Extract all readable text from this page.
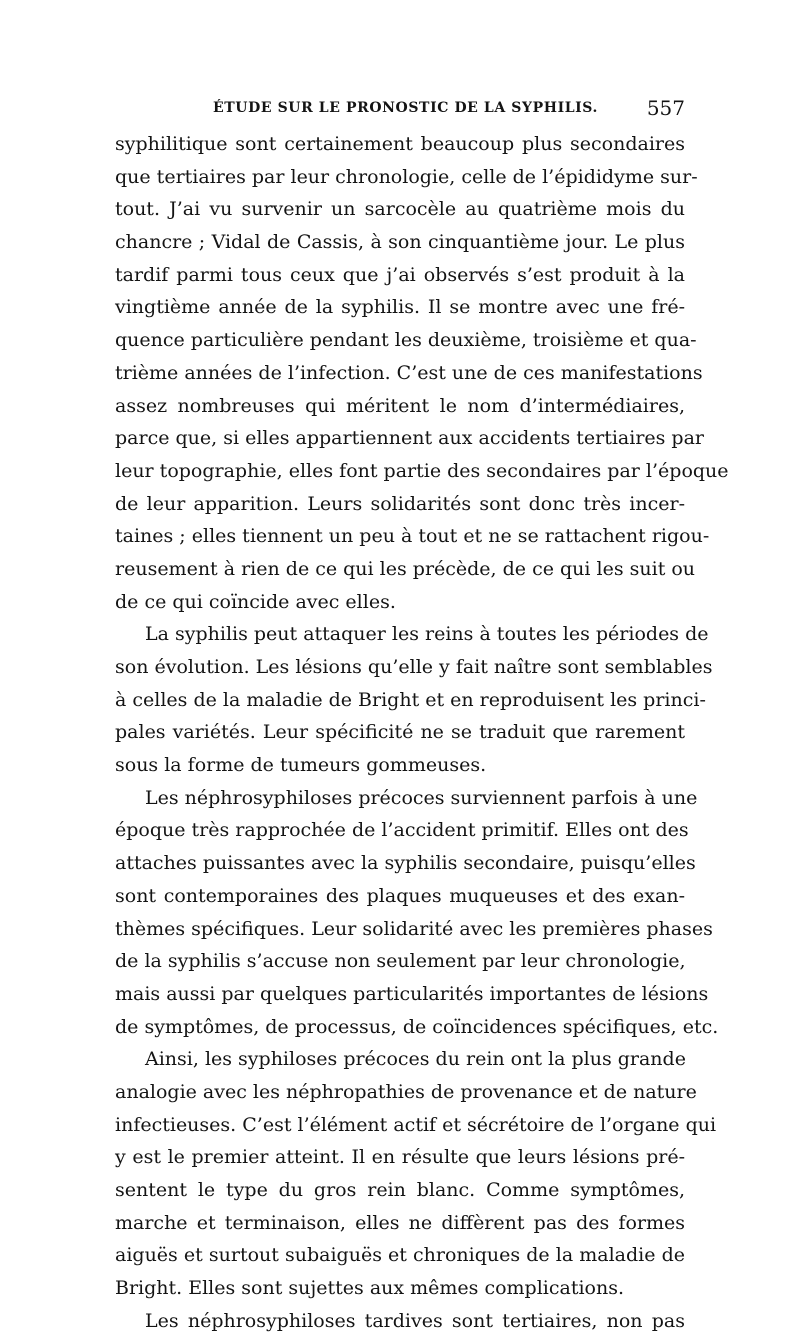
ÉTUDE SUR LE PRONOSTIC DE LA SYPHILIS. 557
syphilitique sont certainement beaucoup plus secondaires
que tertiaires par leur chronologie, celle de l’épididyme sur-
tout. J’ai vu survenir un sarcocèle au quatrième mois du
chancre ; Vidal de Cassis, à son cinquantième jour. Le plus
tardif parmi tous ceux que j’ai observés s’est produit à la
vingtième année de la syphilis. Il se montre avec une fré-
quence particulière pendant les deuxième, troisième et qua-
trième années de l’infection. C’est une de ces manifestations
assez nombreuses qui méritent le nom d’intermédiaires,
parce que, si elles appartiennent aux accidents tertiaires par
leur topographie, elles font partie des secondaires par l’époque
de leur apparition. Leurs solidarités sont donc très incer-
taines ; elles tiennent un peu à tout et ne se rattachent rigou-
reusement à rien de ce qui les précède, de ce qui les suit ou
de ce qui coïncide avec elles.
La syphilis peut attaquer les reins à toutes les périodes de
son évolution. Les lésions qu’elle y fait naître sont semblables
à celles de la maladie de Bright et en reproduisent les princi-
pales variétés. Leur spécificité ne se traduit que rarement
sous la forme de tumeurs gommeuses.
Les néphrosyphiloses précoces surviennent parfois à une
époque très rapprochée de l’accident primitif. Elles ont des
attaches puissantes avec la syphilis secondaire, puisqu’elles
sont contemporaines des plaques muqueuses et des exan-
thèmes spécifiques. Leur solidarité avec les premières phases
de la syphilis s’accuse non seulement par leur chronologie,
mais aussi par quelques particularités importantes de lésions
de symptômes, de processus, de coïncidences spécifiques, etc.
Ainsi, les syphiloses précoces du rein ont la plus grande
analogie avec les néphropathies de provenance et de nature
infectieuses. C’est l’élément actif et sécrétoire de l’organe qui
y est le premier atteint. Il en résulte que leurs lésions pré-
sentent le type du gros rein blanc. Comme symptômes,
marche et terminaison, elles ne diffèrent pas des formes
aiguës et surtout subaiguës et chroniques de la maladie de
Bright. Elles sont sujettes aux mêmes complications.
Les néphrosyphiloses tardives sont tertiaires, non pas
